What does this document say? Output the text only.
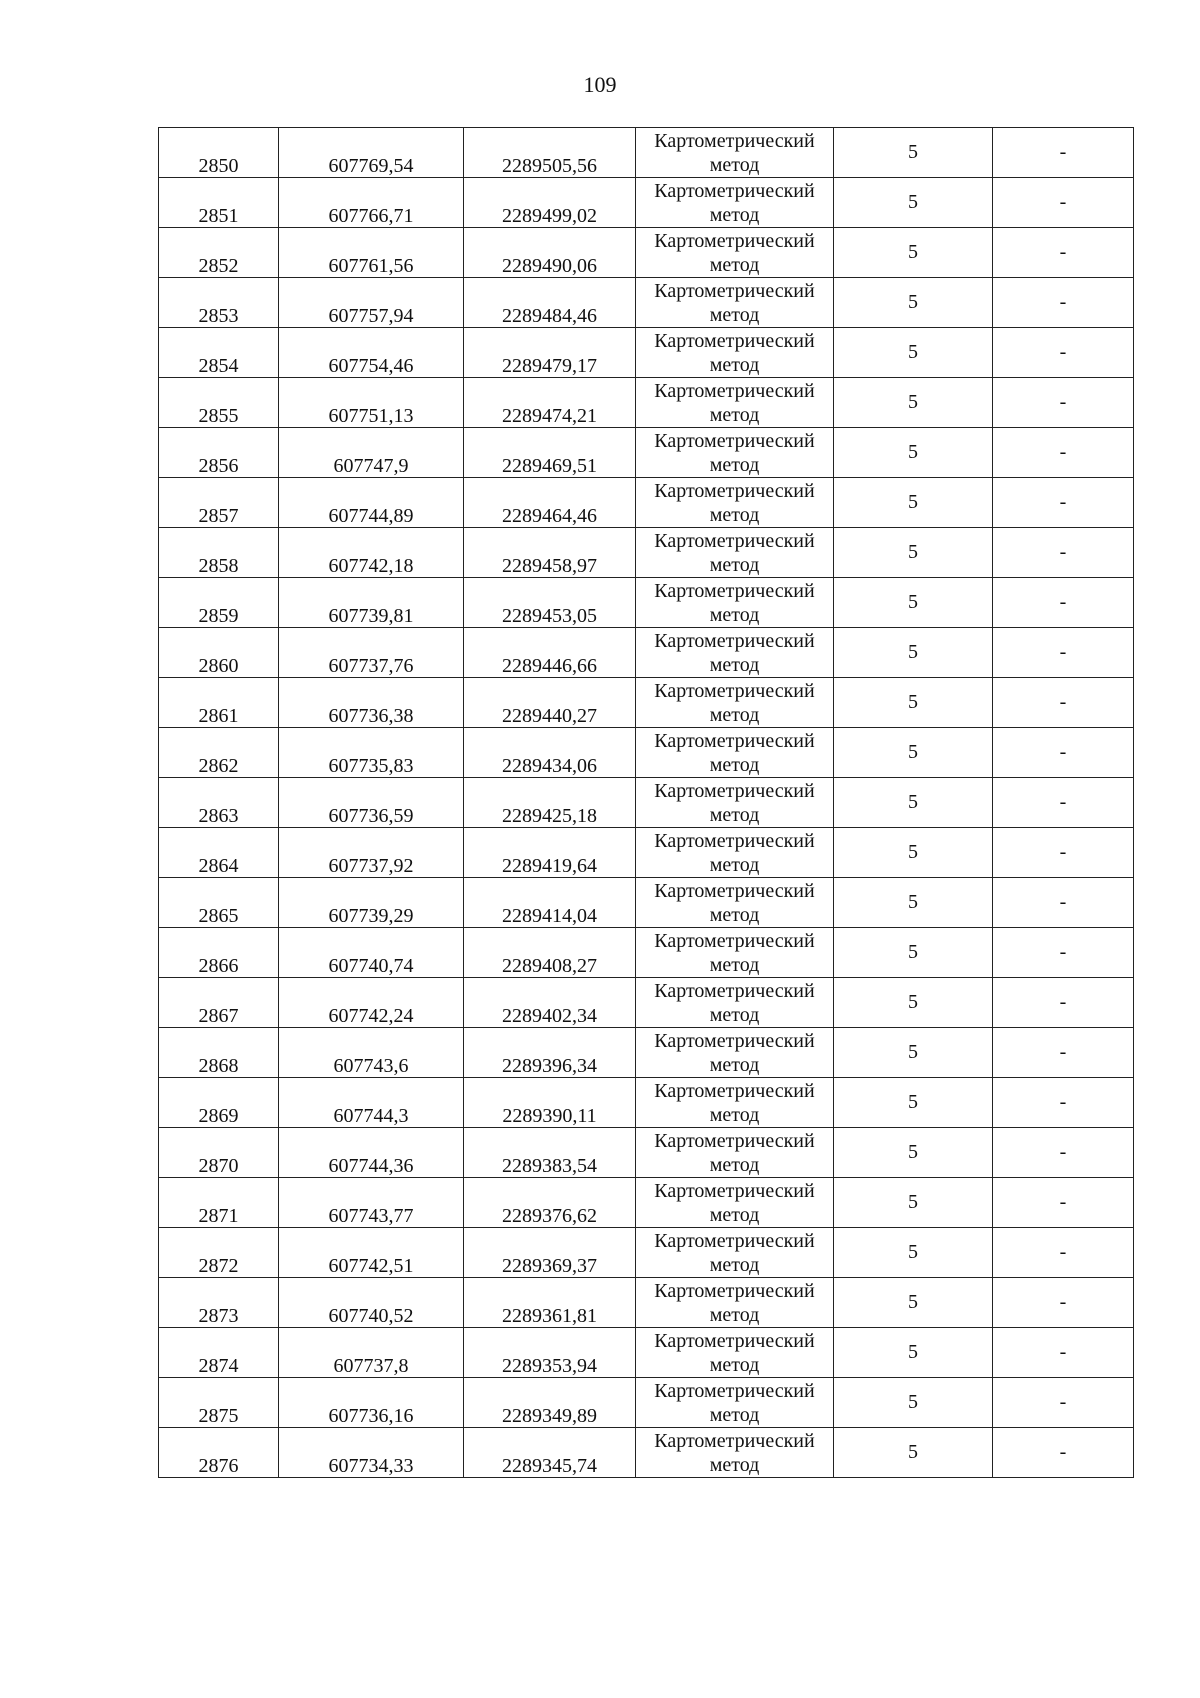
109
2850	607769,54	2289505,56	Картометрический метод	5	-
2851	607766,71	2289499,02	Картометрический метод	5	-
2852	607761,56	2289490,06	Картометрический метод	5	-
2853	607757,94	2289484,46	Картометрический метод	5	-
2854	607754,46	2289479,17	Картометрический метод	5	-
2855	607751,13	2289474,21	Картометрический метод	5	-
2856	607747,9	2289469,51	Картометрический метод	5	-
2857	607744,89	2289464,46	Картометрический метод	5	-
2858	607742,18	2289458,97	Картометрический метод	5	-
2859	607739,81	2289453,05	Картометрический метод	5	-
2860	607737,76	2289446,66	Картометрический метод	5	-
2861	607736,38	2289440,27	Картометрический метод	5	-
2862	607735,83	2289434,06	Картометрический метод	5	-
2863	607736,59	2289425,18	Картометрический метод	5	-
2864	607737,92	2289419,64	Картометрический метод	5	-
2865	607739,29	2289414,04	Картометрический метод	5	-
2866	607740,74	2289408,27	Картометрический метод	5	-
2867	607742,24	2289402,34	Картометрический метод	5	-
2868	607743,6	2289396,34	Картометрический метод	5	-
2869	607744,3	2289390,11	Картометрический метод	5	-
2870	607744,36	2289383,54	Картометрический метод	5	-
2871	607743,77	2289376,62	Картометрический метод	5	-
2872	607742,51	2289369,37	Картометрический метод	5	-
2873	607740,52	2289361,81	Картометрический метод	5	-
2874	607737,8	2289353,94	Картометрический метод	5	-
2875	607736,16	2289349,89	Картометрический метод	5	-
2876	607734,33	2289345,74	Картометрический метод	5	-
